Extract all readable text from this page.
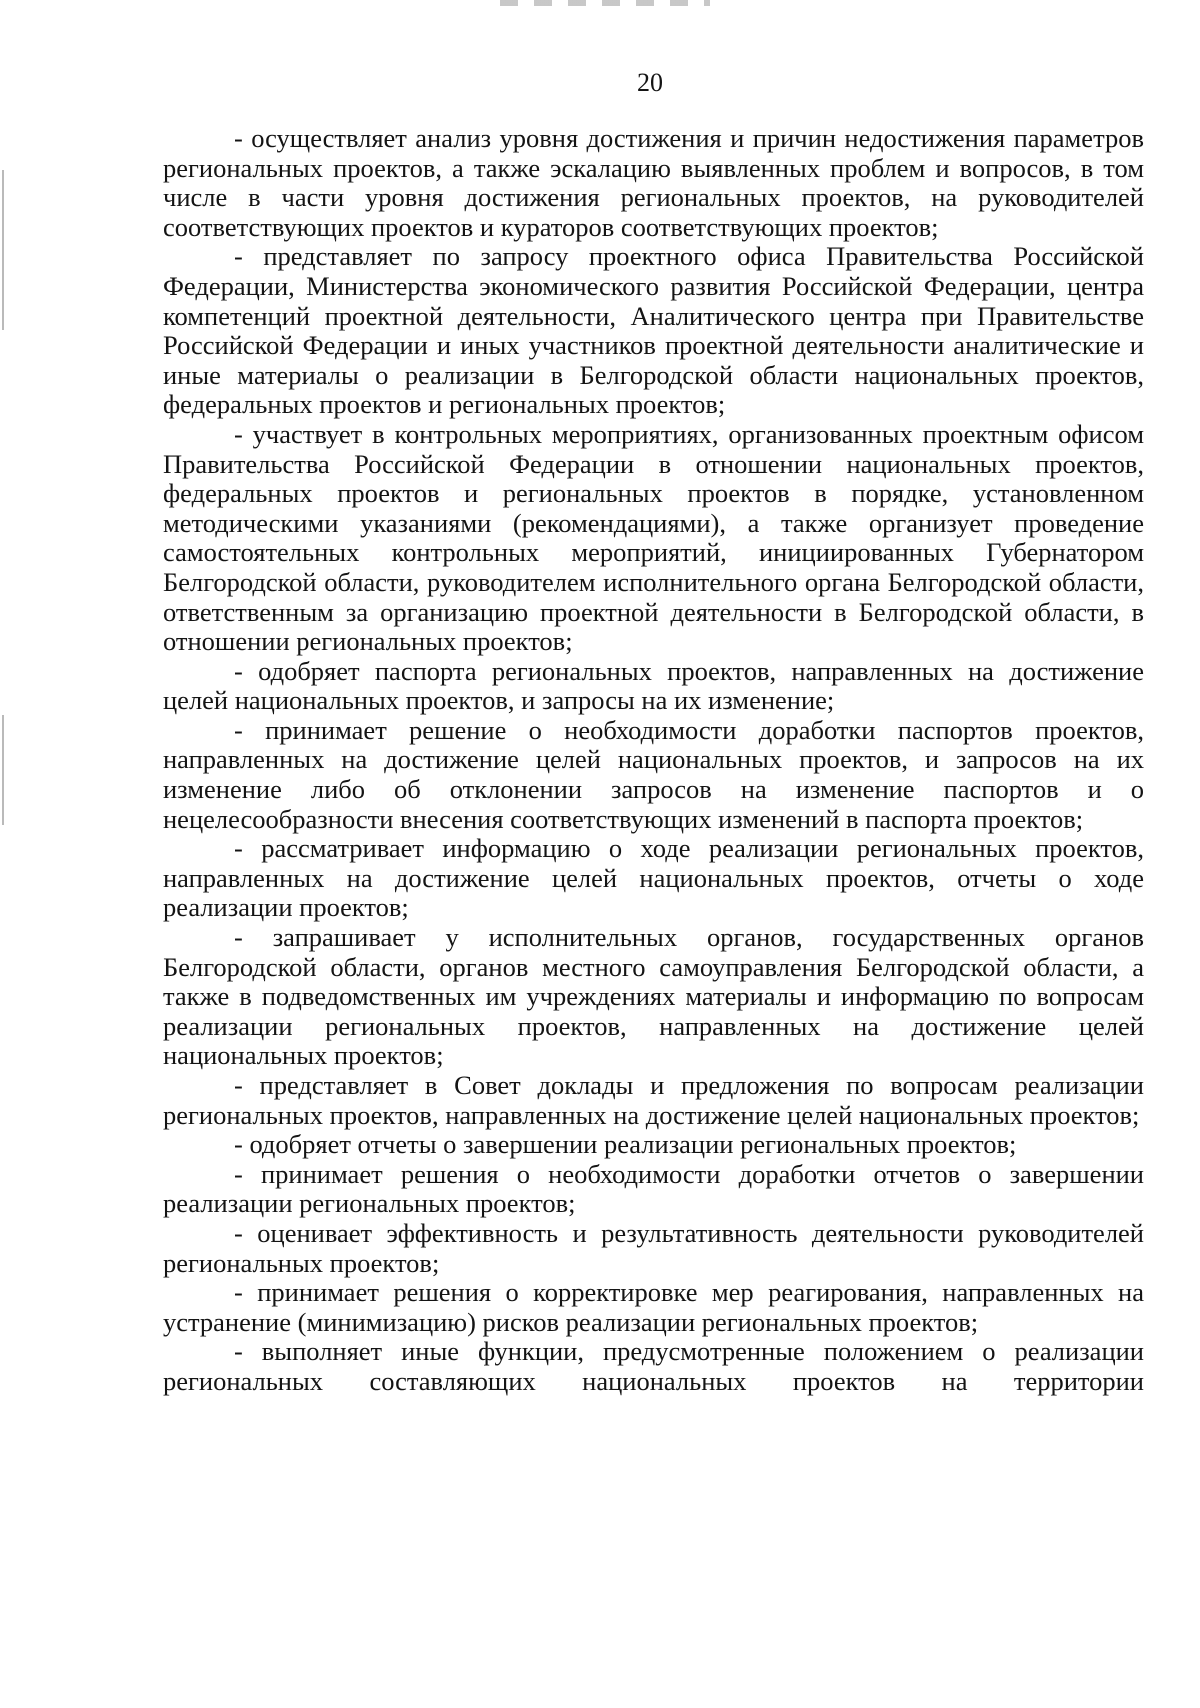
20

- осуществляет анализ уровня достижения и причин недостижения параметров региональных проектов, а также эскалацию выявленных проблем и вопросов, в том числе в части уровня достижения региональных проектов, на руководителей соответствующих проектов и кураторов соответствующих проектов;

- представляет по запросу проектного офиса Правительства Российской Федерации, Министерства экономического развития Российской Федерации, центра компетенций проектной деятельности, Аналитического центра при Правительстве Российской Федерации и иных участников проектной деятельности аналитические и иные материалы о реализации в Белгородской области национальных проектов, федеральных проектов и региональных проектов;

- участвует в контрольных мероприятиях, организованных проектным офисом Правительства Российской Федерации в отношении национальных проектов, федеральных проектов и региональных проектов в порядке, установленном методическими указаниями (рекомендациями), а также организует проведение самостоятельных контрольных мероприятий, инициированных Губернатором Белгородской области, руководителем исполнительного органа Белгородской области, ответственным за организацию проектной деятельности в Белгородской области, в отношении региональных проектов;

- одобряет паспорта региональных проектов, направленных на достижение целей национальных проектов, и запросы на их изменение;

- принимает решение о необходимости доработки паспортов проектов, направленных на достижение целей национальных проектов, и запросов на их изменение либо об отклонении запросов на изменение паспортов и о нецелесообразности внесения соответствующих изменений в паспорта проектов;

- рассматривает информацию о ходе реализации региональных проектов, направленных на достижение целей национальных проектов, отчеты о ходе реализации проектов;

- запрашивает у исполнительных органов, государственных органов Белгородской области, органов местного самоуправления Белгородской области, а также в подведомственных им учреждениях материалы и информацию по вопросам реализации региональных проектов, направленных на достижение целей национальных проектов;

- представляет в Совет доклады и предложения по вопросам реализации региональных проектов, направленных на достижение целей национальных проектов;

- одобряет отчеты о завершении реализации региональных проектов;

- принимает решения о необходимости доработки отчетов о завершении реализации региональных проектов;

- оценивает эффективность и результативность деятельности руководителей региональных проектов;

- принимает решения о корректировке мер реагирования, направленных на устранение (минимизацию) рисков реализации региональных проектов;

- выполняет иные функции, предусмотренные положением о реализации региональных составляющих национальных проектов на территории
